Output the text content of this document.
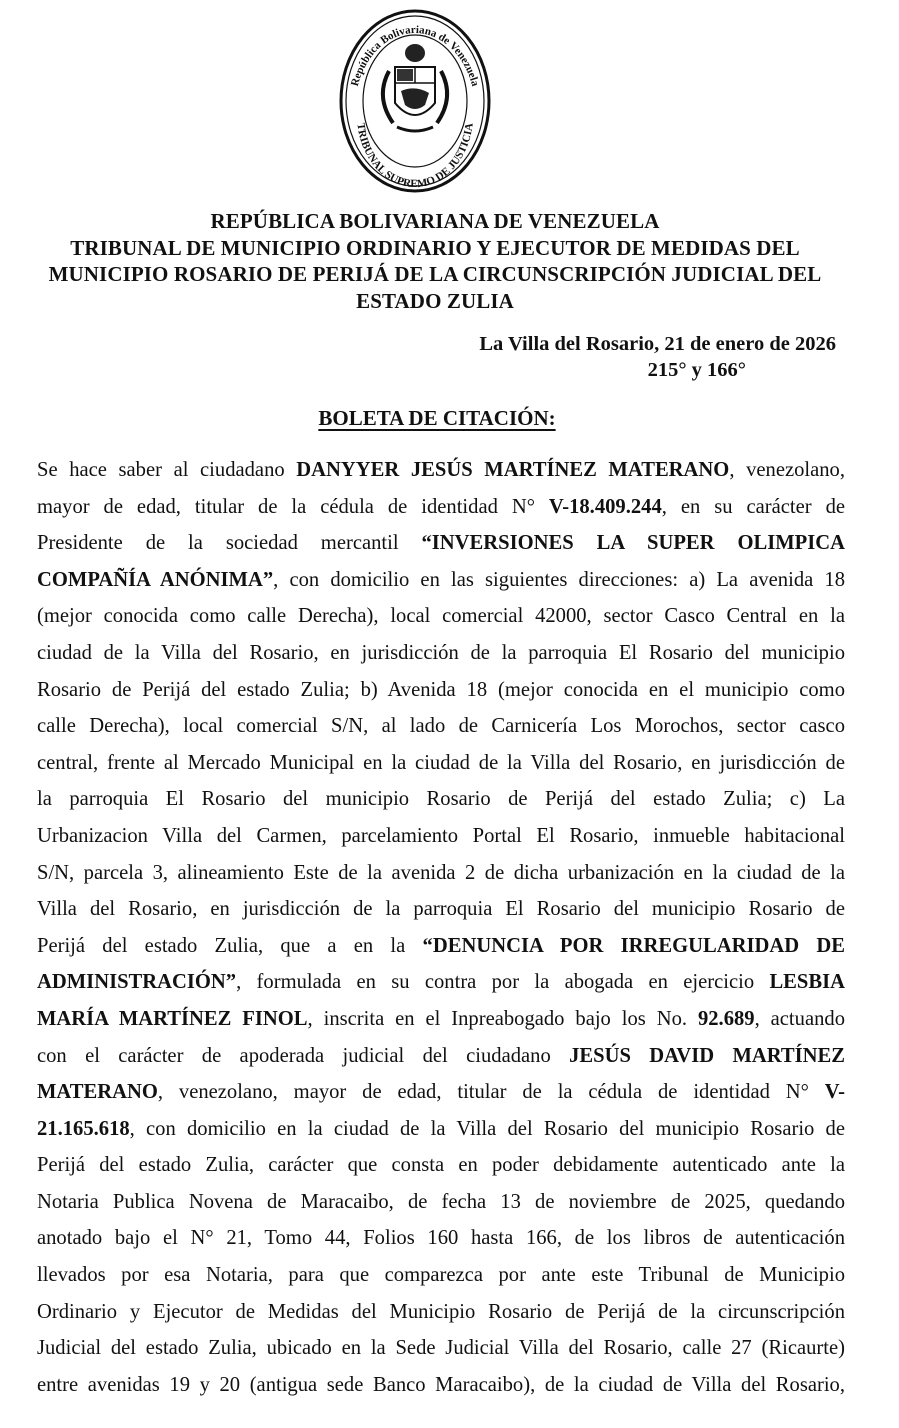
República Bolivariana de Venezuela
TRIBUNAL SUPREMO DE JUSTICIA
REPÚBLICA BOLIVARIANA DE VENEZUELA
TRIBUNAL DE MUNICIPIO ORDINARIO Y EJECUTOR DE MEDIDAS DEL
MUNICIPIO ROSARIO DE PERIJÁ DE LA CIRCUNSCRIPCIÓN JUDICIAL DEL
ESTADO ZULIA
La Villa del Rosario, 21 de enero de 2026
215° y 166°
BOLETA DE CITACIÓN:
Se hace saber al ciudadano DANYYER JESÚS MARTÍNEZ MATERANO, venezolano,
mayor de edad, titular de la cédula de identidad N° V-18.409.244, en su carácter de
Presidente de la sociedad mercantil “INVERSIONES LA SUPER OLIMPICA
COMPAÑÍA ANÓNIMA”, con domicilio en las siguientes direcciones: a) La avenida 18
(mejor conocida como calle Derecha), local comercial 42000, sector Casco Central en la
ciudad de la Villa del Rosario, en jurisdicción de la parroquia El Rosario del municipio
Rosario de Perijá del estado Zulia; b) Avenida 18 (mejor conocida en el municipio como
calle Derecha), local comercial S/N, al lado de Carnicería Los Morochos, sector casco
central, frente al Mercado Municipal en la ciudad de la Villa del Rosario, en jurisdicción de
la parroquia El Rosario del municipio Rosario de Perijá del estado Zulia; c) La
Urbanizacion Villa del Carmen, parcelamiento Portal El Rosario, inmueble habitacional
S/N, parcela 3, alineamiento Este de la avenida 2 de dicha urbanización en la ciudad de la
Villa del Rosario, en jurisdicción de la parroquia El Rosario del municipio Rosario de
Perijá del estado Zulia, que a en la “DENUNCIA POR IRREGULARIDAD DE
ADMINISTRACIÓN”, formulada en su contra por la abogada en ejercicio LESBIA
MARÍA MARTÍNEZ FINOL, inscrita en el Inpreabogado bajo los No. 92.689, actuando
con el carácter de apoderada judicial del ciudadano JESÚS DAVID MARTÍNEZ
MATERANO, venezolano, mayor de edad, titular de la cédula de identidad N° V-
21.165.618, con domicilio en la ciudad de la Villa del Rosario del municipio Rosario de
Perijá del estado Zulia, carácter que consta en poder debidamente autenticado ante la
Notaria Publica Novena de Maracaibo, de fecha 13 de noviembre de 2025, quedando
anotado bajo el N° 21, Tomo 44, Folios 160 hasta 166, de los libros de autenticación
llevados por esa Notaria, para que comparezca por ante este Tribunal de Municipio
Ordinario y Ejecutor de Medidas del Municipio Rosario de Perijá de la circunscripción
Judicial del estado Zulia, ubicado en la Sede Judicial Villa del Rosario, calle 27 (Ricaurte)
entre avenidas 19 y 20 (antigua sede Banco Maracaibo), de la ciudad de Villa del Rosario,
